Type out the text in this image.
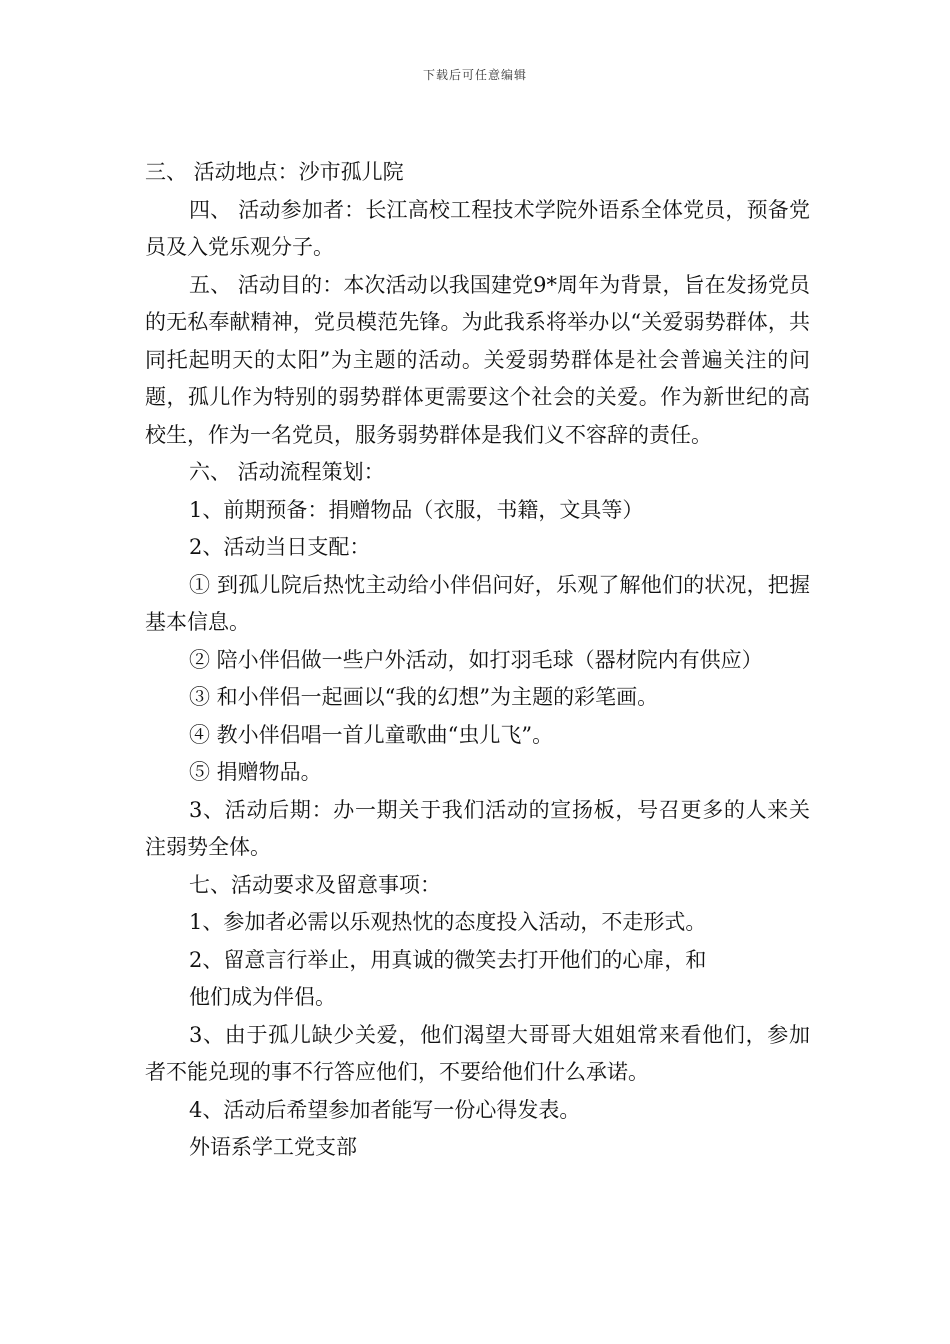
下载后可任意编辑

三、 活动地点：沙市孤儿院

四、 活动参加者：长江高校工程技术学院外语系全体党员，预备党员及入党乐观分子。

五、 活动目的：本次活动以我国建党9*周年为背景，旨在发扬党员的无私奉献精神，党员模范先锋。为此我系将举办以“关爱弱势群体，共同托起明天的太阳”为主题的活动。关爱弱势群体是社会普遍关注的问题，孤儿作为特别的弱势群体更需要这个社会的关爱。作为新世纪的高校生，作为一名党员，服务弱势群体是我们义不容辞的责任。

六、 活动流程策划：

1、前期预备：捐赠物品（衣服，书籍，文具等）

2、活动当日支配：

① 到孤儿院后热忱主动给小伴侣问好，乐观了解他们的状况，把握基本信息。

② 陪小伴侣做一些户外活动，如打羽毛球（器材院内有供应）

③ 和小伴侣一起画以“我的幻想”为主题的彩笔画。

④ 教小伴侣唱一首儿童歌曲“虫儿飞”。

⑤ 捐赠物品。

3、活动后期：办一期关于我们活动的宣扬板，号召更多的人来关注弱势全体。

七、活动要求及留意事项：

1、参加者必需以乐观热忱的态度投入活动，不走形式。

2、留意言行举止，用真诚的微笑去打开他们的心扉，和

他们成为伴侣。

3、由于孤儿缺少关爱，他们渴望大哥哥大姐姐常来看他们，参加者不能兑现的事不行答应他们，不要给他们什么承诺。

4、活动后希望参加者能写一份心得发表。

外语系学工党支部
